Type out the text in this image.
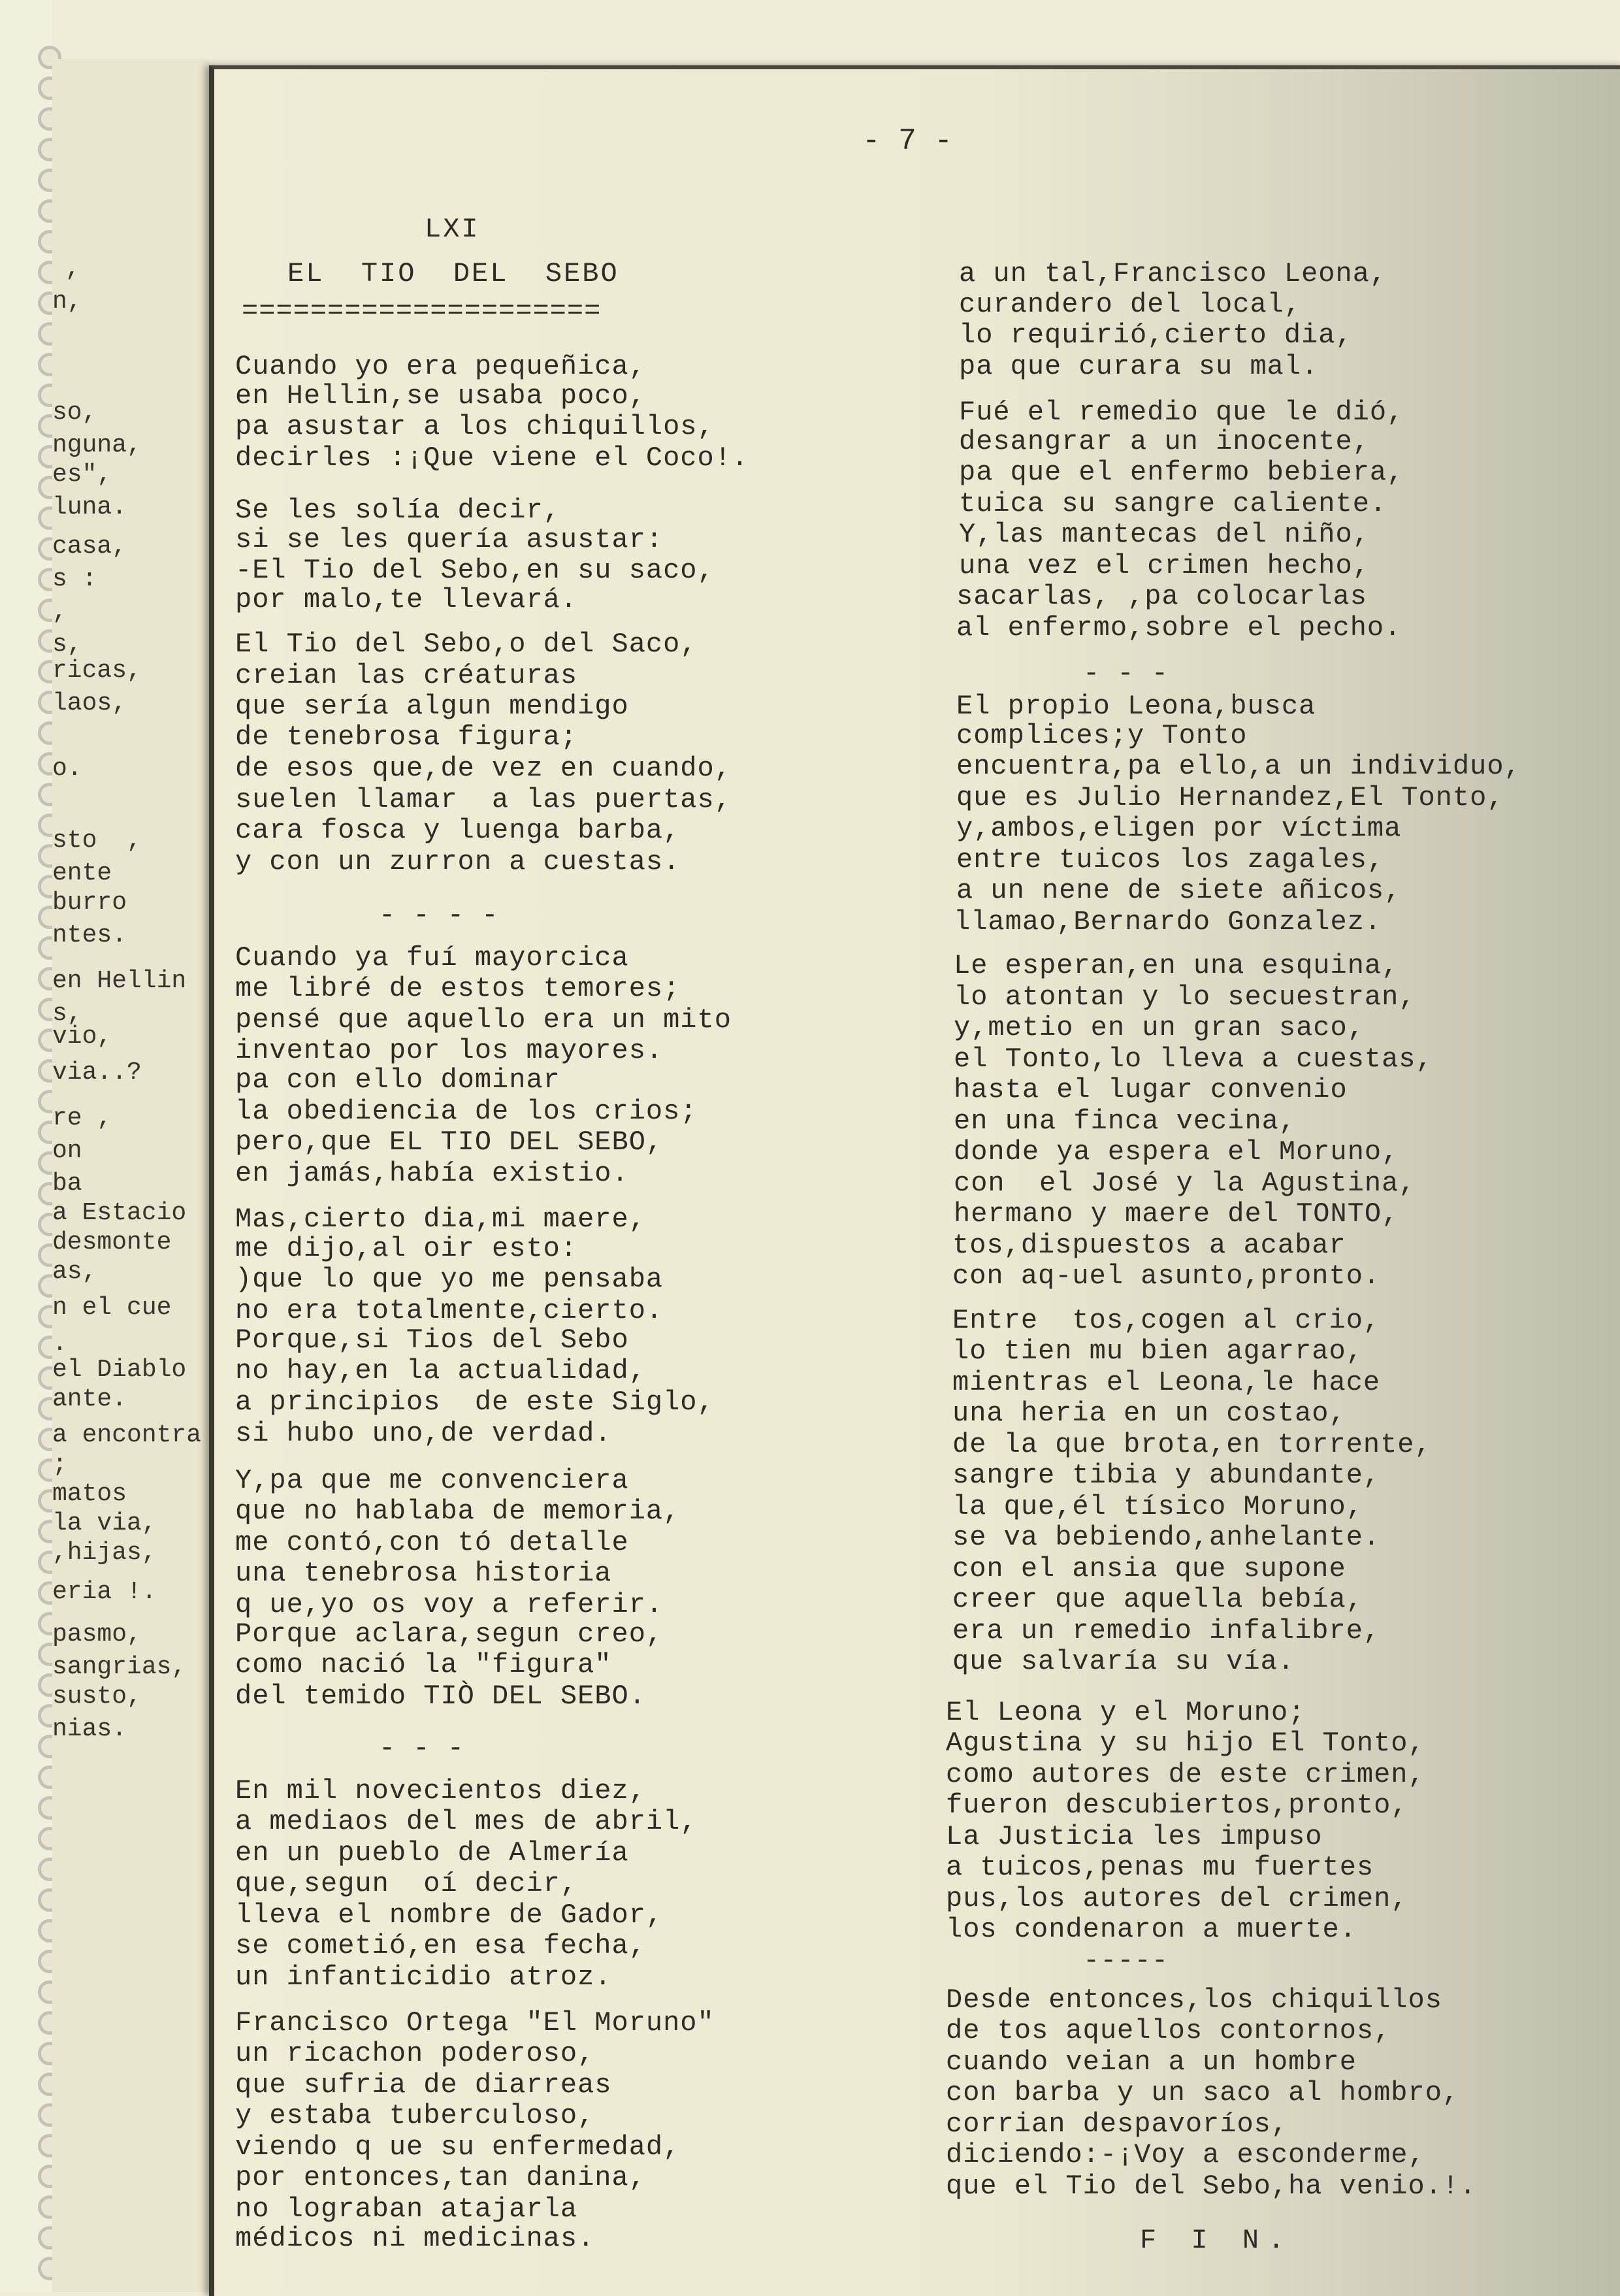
,
n,
so,
nguna,
es",
luna.
casa,
s :
,
s,
ricas,
laos,
o.
sto  ,
ente
burro
ntes.
en Hellin
s,
vio,
via..?
re ,
on
ba
a Estacio
desmonte
as,
n el cue
.
el Diablo
ante.
a encontra
;
matos
la via,
,hijas,
eria !.
pasmo,
sangrias,
susto,
nias.
- 7 -
LXI
EL  TIO  DEL  SEBO
=====================
Cuando yo era pequeñica,
en Hellin,se usaba poco,
pa asustar a los chiquillos,
decirles :¡Que viene el Coco!.
Se les solía decir,
si se les quería asustar:
-El Tio del Sebo,en su saco,
por malo,te llevará.
El Tio del Sebo,o del Saco,
creian las créaturas
que sería algun mendigo
de tenebrosa figura;
de esos que,de vez en cuando,
suelen llamar  a las puertas,
cara fosca y luenga barba,
y con un zurron a cuestas.
- - - -
Cuando ya fuí mayorcica
me libré de estos temores;
pensé que aquello era un mito
inventao por los mayores.
pa con ello dominar
la obediencia de los crios;
pero,que EL TIO DEL SEBO,
en jamás,había existio.
Mas,cierto dia,mi maere,
me dijo,al oir esto:
)que lo que yo me pensaba
no era totalmente,cierto.
Porque,si Tios del Sebo
no hay,en la actualidad,
a principios  de este Siglo,
si hubo uno,de verdad.
Y,pa que me convenciera
que no hablaba de memoria,
me contó,con tó detalle
una tenebrosa historia
q ue,yo os voy a referir.
Porque aclara,segun creo,
como nació la "figura"
del temido TIÒ DEL SEBO.
- - -
En mil novecientos diez,
a mediaos del mes de abril,
en un pueblo de Almería
que,segun  oí decir,
lleva el nombre de Gador,
se cometió,en esa fecha,
un infanticidio atroz.
Francisco Ortega "El Moruno"
un ricachon poderoso,
que sufria de diarreas
y estaba tuberculoso,
viendo q ue su enfermedad,
por entonces,tan danina,
no lograban atajarla
médicos ni medicinas.
a un tal,Francisco Leona,
curandero del local,
lo requirió,cierto dia,
pa que curara su mal.
Fué el remedio que le dió,
desangrar a un inocente,
pa que el enfermo bebiera,
tuica su sangre caliente.
Y,las mantecas del niño,
una vez el crimen hecho,
sacarlas, ,pa colocarlas
al enfermo,sobre el pecho.
- - -
El propio Leona,busca
complices;y Tonto
encuentra,pa ello,a un individuo,
que es Julio Hernandez,El Tonto,
y,ambos,eligen por víctima
entre tuicos los zagales,
a un nene de siete añicos,
llamao,Bernardo Gonzalez.
Le esperan,en una esquina,
lo atontan y lo secuestran,
y,metio en un gran saco,
el Tonto,lo lleva a cuestas,
hasta el lugar convenio
en una finca vecina,
donde ya espera el Moruno,
con  el José y la Agustina,
hermano y maere del TONTO,
tos,dispuestos a acabar
con aq-uel asunto,pronto.
Entre  tos,cogen al crio,
lo tien mu bien agarrao,
mientras el Leona,le hace
una heria en un costao,
de la que brota,en torrente,
sangre tibia y abundante,
la que,él tísico Moruno,
se va bebiendo,anhelante.
con el ansia que supone
creer que aquella bebía,
era un remedio infalibre,
que salvaría su vía.
El Leona y el Moruno;
Agustina y su hijo El Tonto,
como autores de este crimen,
fueron descubiertos,pronto,
La Justicia les impuso
a tuicos,penas mu fuertes
pus,los autores del crimen,
los condenaron a muerte.
-----
Desde entonces,los chiquillos
de tos aquellos contornos,
cuando veian a un hombre
con barba y un saco al hombro,
corrian despavoríos,
diciendo:-¡Voy a esconderme,
que el Tio del Sebo,ha venio.!.
F I N.
